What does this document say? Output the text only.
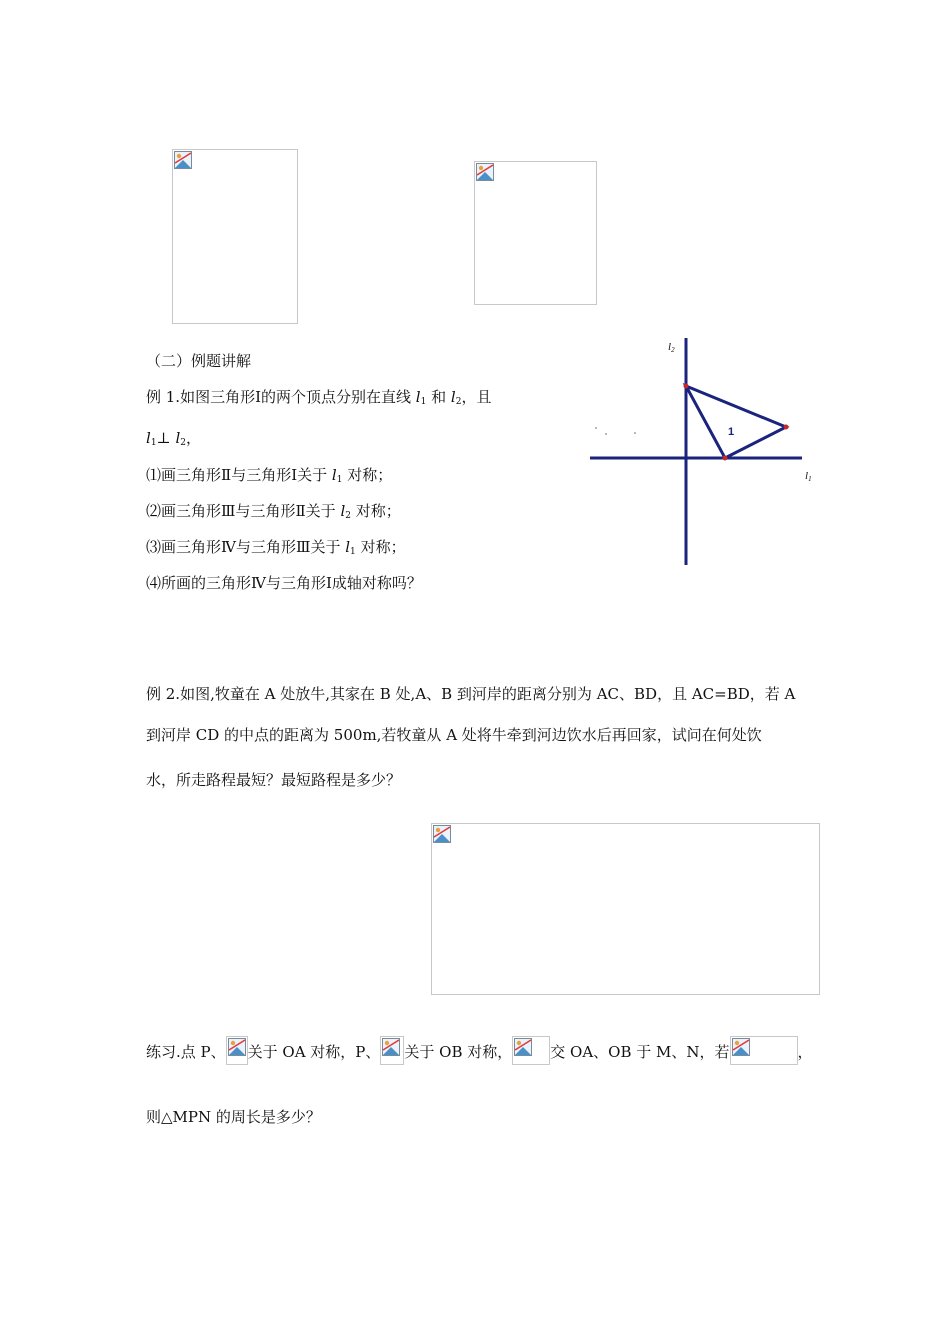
（二）例题讲解
例 1.如图三角形Ⅰ的两个顶点分别在直线 $l_1$ 和 $l_2$，且
$l_1\perp$ $l_2$，
⑴画三角形Ⅱ与三角形Ⅰ关于 $l_1$ 对称；
⑵画三角形Ⅲ与三角形Ⅱ关于 $l_2$ 对称；
⑶画三角形Ⅳ与三角形Ⅲ关于 $l_1$ 对称；
⑷所画的三角形Ⅳ与三角形Ⅰ成轴对称吗？
1
l2
l1
例 2.如图,牧童在 A 处放牛,其家在 B 处,A、B 到河岸的距离分别为 AC、BD，且 AC=BD，若 A
到河岸 CD 的中点的距离为 500m,若牧童从 A 处将牛牵到河边饮水后再回家，试问在何处饮
水，所走路程最短？最短路程是多少？
练习.点 P、 关于 OA 对称，P、 关于 OB 对称，	交 OA、OB 于 M、N，若	，
则△MPN 的周长是多少？
